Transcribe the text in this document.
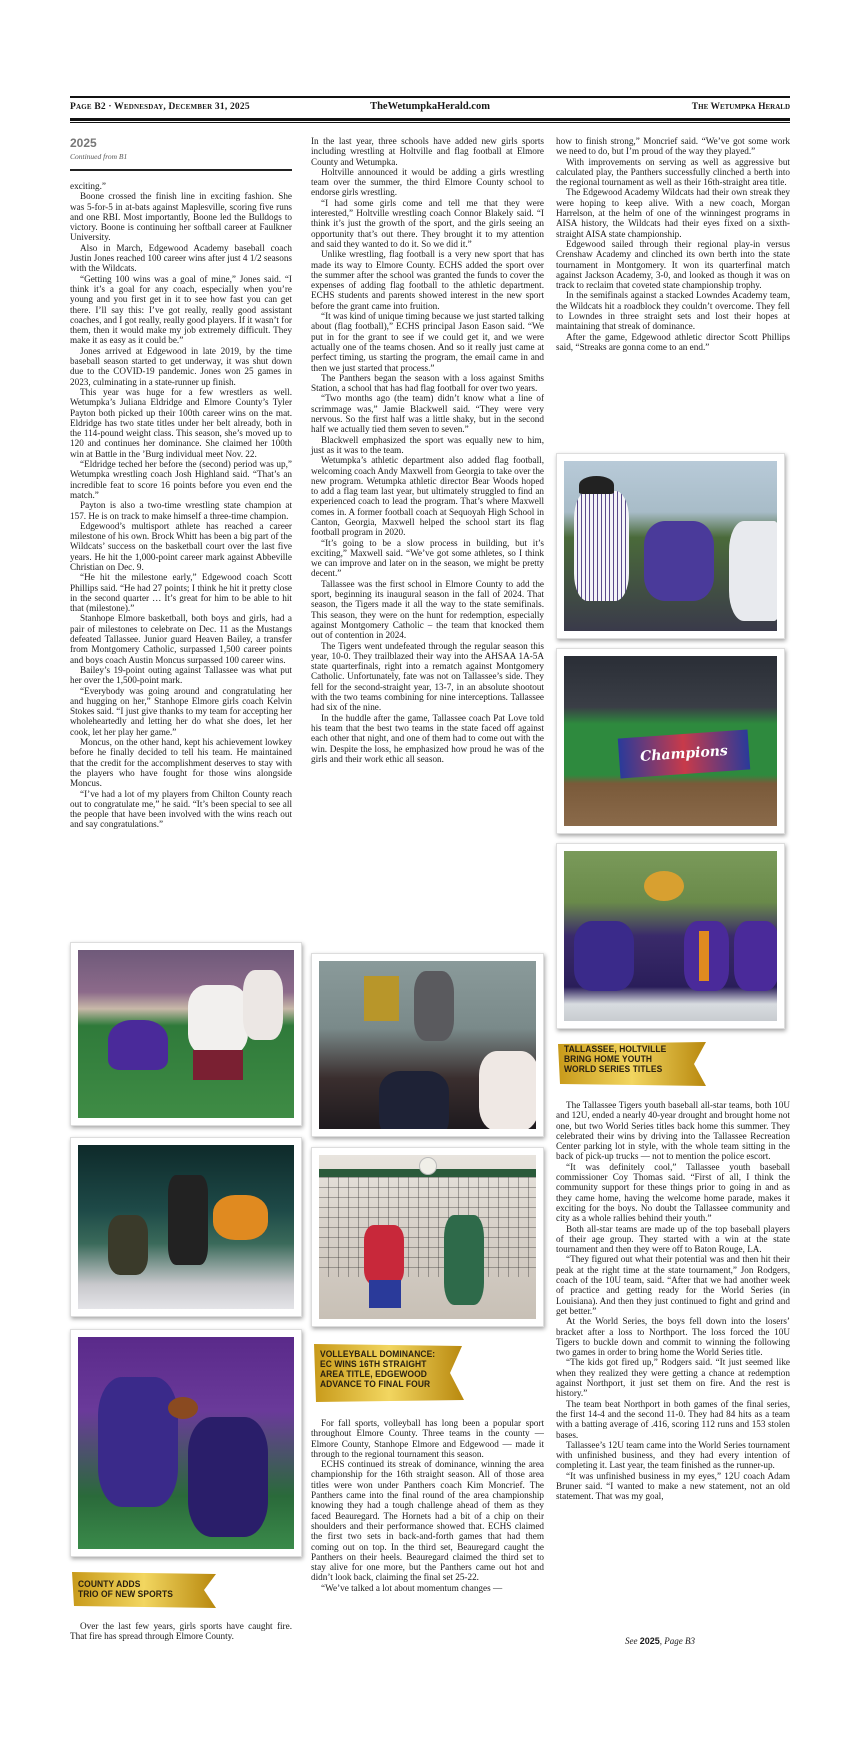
Page B2 · Wednesday, December 31, 2025	TheWetumpkaHerald.com	The Wetumpka Herald
2025
Continued from B1

exciting.”

Boone crossed the finish line in exciting fashion. She was 5-for-5 in at-bats against Maplesville, scoring five runs and one RBI. Most importantly, Boone led the Bulldogs to victory. Boone is continuing her softball career at Faulkner University.

Also in March, Edgewood Academy baseball coach Justin Jones reached 100 career wins after just 4 1/2 seasons with the Wildcats.

“Getting 100 wins was a goal of mine,” Jones said. “I think it’s a goal for any coach, especially when you’re young and you first get in it to see how fast you can get there. I’ll say this: I’ve got really, really good assistant coaches, and I got really, really good players. If it wasn’t for them, then it would make my job extremely difficult. They make it as easy as it could be.”

Jones arrived at Edgewood in late 2019, by the time baseball season started to get underway, it was shut down due to the COVID-19 pandemic. Jones won 25 games in 2023, culminating in a state-runner up finish.

This year was huge for a few wrestlers as well. Wetumpka’s Juliana Eldridge and Elmore County’s Tyler Payton both picked up their 100th career wins on the mat. Eldridge has two state titles under her belt already, both in the 114-pound weight class. This season, she’s moved up to 120 and continues her dominance. She claimed her 100th win at Battle in the ’Burg individual meet Nov. 22.

“Eldridge teched her before the (second) period was up,” Wetumpka wrestling coach Josh Highland said. “That’s an incredible feat to score 16 points before you even end the match.”

Payton is also a two-time wrestling state champion at 157. He is on track to make himself a three-time champion.

Edgewood’s multisport athlete has reached a career milestone of his own. Brock Whitt has been a big part of the Wildcats’ success on the basketball court over the last five years. He hit the 1,000-point career mark against Abbeville Christian on Dec. 9.

“He hit the milestone early,” Edgewood coach Scott Phillips said. “He had 27 points; I think he hit it pretty close in the second quarter … It’s great for him to be able to hit that (milestone).”

Stanhope Elmore basketball, both boys and girls, had a pair of milestones to celebrate on Dec. 11 as the Mustangs defeated Tallassee. Junior guard Heaven Bailey, a transfer from Montgomery Catholic, surpassed 1,500 career points and boys coach Austin Moncus surpassed 100 career wins.

Bailey’s 19-point outing against Tallassee was what put her over the 1,500-point mark.

“Everybody was going around and congratulating her and hugging on her,” Stanhope Elmore girls coach Kelvin Stokes said. “I just give thanks to my team for accepting her wholeheartedly and letting her do what she does, let her cook, let her play her game.”

Moncus, on the other hand, kept his achievement lowkey before he finally decided to tell his team. He maintained that the credit for the accomplishment deserves to stay with the players who have fought for those wins alongside Moncus.

“I’ve had a lot of my players from Chilton County reach out to congratulate me,” he said. “It’s been special to see all the people that have been involved with the wins reach out and say congratulations.”

In the last year, three schools have added new girls sports including wrestling at Holtville and flag football at Elmore County and Wetumpka.

Holtville announced it would be adding a girls wrestling team over the summer, the third Elmore County school to endorse girls wrestling.

“I had some girls come and tell me that they were interested,” Holtville wrestling coach Connor Blakely said. “I think it’s just the growth of the sport, and the girls seeing an opportunity that’s out there. They brought it to my attention and said they wanted to do it. So we did it.”

Unlike wrestling, flag football is a very new sport that has made its way to Elmore County. ECHS added the sport over the summer after the school was granted the funds to cover the expenses of adding flag football to the athletic department. ECHS students and parents showed interest in the new sport before the grant came into fruition.

“It was kind of unique timing because we just started talking about (flag football),” ECHS principal Jason Eason said. “We put in for the grant to see if we could get it, and we were actually one of the teams chosen. And so it really just came at perfect timing, us starting the program, the email came in and then we just started that process.”

The Panthers began the season with a loss against Smiths Station, a school that has had flag football for over two years.

“Two months ago (the team) didn’t know what a line of scrimmage was,” Jamie Blackwell said. “They were very nervous. So the first half was a little shaky, but in the second half we actually tied them seven to seven.”

Blackwell emphasized the sport was equally new to him, just as it was to the team.

Wetumpka’s athletic department also added flag football, welcoming coach Andy Maxwell from Georgia to take over the new program. Wetumpka athletic director Bear Woods hoped to add a flag team last year, but ultimately struggled to find an experienced coach to lead the program. That’s where Maxwell comes in. A former football coach at Sequoyah High School in Canton, Georgia, Maxwell helped the school start its flag football program in 2020.

“It’s going to be a slow process in building, but it’s exciting,” Maxwell said. “We’ve got some athletes, so I think we can improve and later on in the season, we might be pretty decent.”

Tallassee was the first school in Elmore County to add the sport, beginning its inaugural season in the fall of 2024. That season, the Tigers made it all the way to the state semifinals. This season, they were on the hunt for redemption, especially against Montgomery Catholic – the team that knocked them out of contention in 2024.

The Tigers went undefeated through the regular season this year, 10-0. They trailblazed their way into the AHSAA 1A-5A state quarterfinals, right into a rematch against Montgomery Catholic. Unfortunately, fate was not on Tallassee’s side. They fell for the second-straight year, 13-7, in an absolute shootout with the two teams combining for nine interceptions. Tallassee had six of the nine.

In the huddle after the game, Tallassee coach Pat Love told his team that the best two teams in the state faced off against each other that night, and one of them had to come out with the win. Despite the loss, he emphasized how proud he was of the girls and their work ethic all season.

how to finish strong,” Moncrief said. “We’ve got some work we need to do, but I’m proud of the way they played.”

With improvements on serving as well as aggressive but calculated play, the Panthers successfully clinched a berth into the regional tournament as well as their 16th-straight area title.

The Edgewood Academy Wildcats had their own streak they were hoping to keep alive. With a new coach, Morgan Harrelson, at the helm of one of the winningest programs in AISA history, the Wildcats had their eyes fixed on a sixth-straight AISA state championship.

Edgewood sailed through their regional play-in versus Crenshaw Academy and clinched its own berth into the state tournament in Montgomery. It won its quarterfinal match against Jackson Academy, 3-0, and looked as though it was on track to reclaim that coveted state championship trophy.

In the semifinals against a stacked Lowndes Academy team, the Wildcats hit a roadblock they couldn’t overcome. They fell to Lowndes in three straight sets and lost their hopes at maintaining that streak of dominance.

After the game, Edgewood athletic director Scott Phillips said, “Streaks are gonna come to an end.”

Champions
TALLASSEE, HOLTVILLE
BRING HOME YOUTH
WORLD SERIES TITLES
VOLLEYBALL DOMINANCE:
EC WINS 16TH STRAIGHT
AREA TITLE, EDGEWOOD
ADVANCE TO FINAL FOUR
COUNTY ADDS
TRIO OF NEW SPORTS

Over the last few years, girls sports have caught fire. That fire has spread through Elmore County.

For fall sports, volleyball has long been a popular sport throughout Elmore County. Three teams in the county — Elmore County, Stanhope Elmore and Edgewood — made it through to the regional tournament this season.

ECHS continued its streak of dominance, winning the area championship for the 16th straight season. All of those area titles were won under Panthers coach Kim Moncrief. The Panthers came into the final round of the area championship knowing they had a tough challenge ahead of them as they faced Beauregard. The Hornets had a bit of a chip on their shoulders and their performance showed that. ECHS claimed the first two sets in back-and-forth games that had them coming out on top. In the third set, Beauregard caught the Panthers on their heels. Beauregard claimed the third set to stay alive for one more, but the Panthers came out hot and didn’t look back, claiming the final set 25-22.

“We’ve talked a lot about momentum changes —

The Tallassee Tigers youth baseball all-star teams, both 10U and 12U, ended a nearly 40-year drought and brought home not one, but two World Series titles back home this summer. They celebrated their wins by driving into the Tallassee Recreation Center parking lot in style, with the whole team sitting in the back of pick-up trucks — not to mention the police escort.

“It was definitely cool,” Tallassee youth baseball commissioner Coy Thomas said. “First of all, I think the community support for these things prior to going in and as they came home, having the welcome home parade, makes it exciting for the boys. No doubt the Tallassee community and city as a whole rallies behind their youth.”

Both all-star teams are made up of the top baseball players of their age group. They started with a win at the state tournament and then they were off to Baton Rouge, LA.

“They figured out what their potential was and then hit their peak at the right time at the state tournament,” Jon Rodgers, coach of the 10U team, said. “After that we had another week of practice and getting ready for the World Series (in Louisiana). And then they just continued to fight and grind and get better.”

At the World Series, the boys fell down into the losers’ bracket after a loss to Northport. The loss forced the 10U Tigers to buckle down and commit to winning the following two games in order to bring home the World Series title.

“The kids got fired up,” Rodgers said. “It just seemed like when they realized they were getting a chance at redemption against Northport, it just set them on fire. And the rest is history.”

The team beat Northport in both games of the final series, the first 14-4 and the second 11-0. They had 84 hits as a team with a batting average of .416, scoring 112 runs and 153 stolen bases.

Tallassee’s 12U team came into the World Series tournament with unfinished business, and they had every intention of completing it. Last year, the team finished as the runner-up.

“It was unfinished business in my eyes,” 12U coach Adam Bruner said. “I wanted to make a new statement, not an old statement. That was my goal,

See 2025, Page B3
